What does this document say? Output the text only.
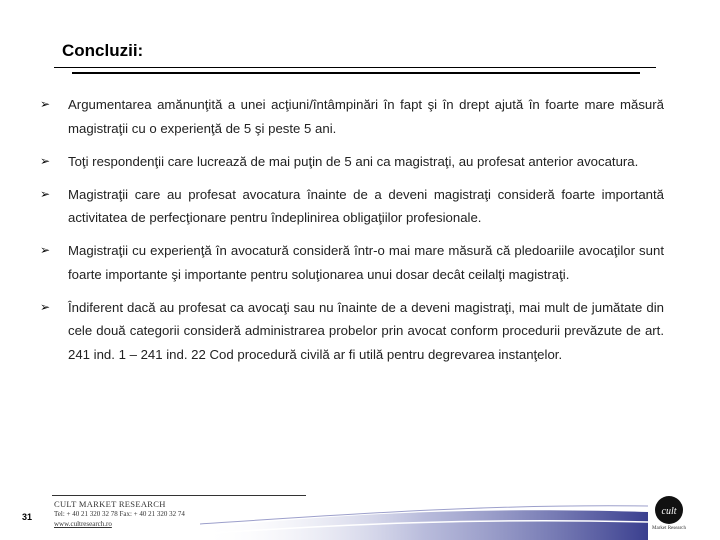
Concluzii:
➢ Argumentarea amănunţită a unei acţiuni/întâmpinări în fapt şi în drept ajută în foarte mare măsură magistraţii cu o experienţă de 5 şi peste 5 ani.
➢ Toţi respondenţii care lucrează de mai puţin de 5 ani ca magistraţi, au profesat anterior avocatura.
➢ Magistraţii care au profesat avocatura înainte de a deveni magistraţi consideră foarte importantă activitatea de perfecţionare pentru îndeplinirea obligaţiilor profesionale.
➢ Magistraţii cu experienţă în avocatură consideră într-o mai mare măsură că pledoariile avocaţilor sunt foarte importante şi importante pentru soluţionarea unui dosar decât ceilalţi magistraţi.
➢ Îndiferent dacă au profesat ca avocaţi sau nu înainte de a deveni magistraţi, mai mult de jumătate din cele două categorii consideră administrarea probelor prin avocat conform procedurii prevăzute de art. 241 ind. 1 – 241 ind. 22 Cod procedură civilă ar fi utilă pentru degrevarea instanţelor.
CULT MARKET RESEARCH
Tel: + 40 21 320 32 78 Fax: + 40 21 320 32 74
www.cultresearch.ro
31	cult
Market Research
